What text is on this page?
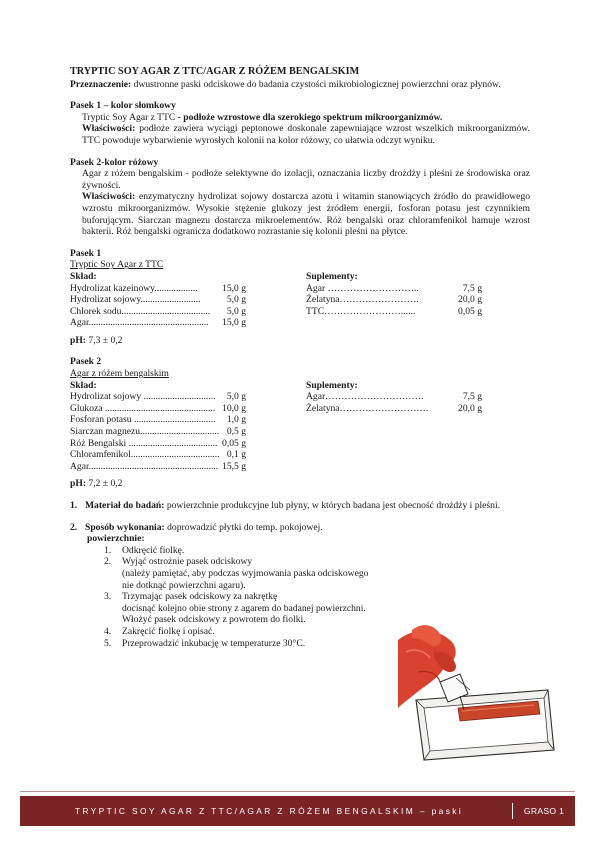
TRYPTIC SOY AGAR Z TTC/AGAR Z RÓŻEM BENGALSKIM

Przeznaczenie: dwustronne paski odciskowe do badania czystości mikrobiologicznej powierzchni oraz płynów.

Pasek 1 – kolor słomkowy

Tryptic Soy Agar z TTC - podłoże wzrostowe dla szerokiego spektrum mikroorganizmów.

Właściwości: podłoże zawiera wyciągi peptonowe doskonale zapewniające wzrost wszelkich mikroorganizmów. TTC powoduje wybarwienie wyrosłych kolonii na kolor różowy, co ułatwia odczyt wyniku.

Pasek 2-kolor różowy

Agar z różem bengalskim - podłoże selektywne do izolacji, oznaczania liczby drożdży i pleśni ze środowiska oraz żywności.

Właściwości: enzymatyczny hydrolizat sojowy dostarcza azotu i witamin stanowiących źródło do prawidłowego wzrostu mikroorganizmów. Wysokie stężenie glukozy jest źródłem energii, fosforan potasu jest czynnikiem buforującym. Siarczan magnezu dostarcza mikroelementów. Róż bengalski oraz chloramfenikol hamuje wzrost bakterii. Róż bengalski ogranicza dodatkowo rozrastanie się kolonii pleśni na płytce.

Pasek 1

Tryptic Soy Agar z TTC

Skład:

Hydrolizat kazeinowy..................	15,0 g
Hydrolizat sojowy.........................	5,0 g
Chlorek sodu..................................... 5,0 g
Agar.................................................. 15,0 g

Suplementy:

Agar ………………………..	7,5 g
Żelatyna…………………….	20,0 g
TTC……………………......	0,05 g

pH: 7,3 ± 0,2

Pasek 2

Agar z różem bengalskim

Skład:

Hydrolizat sojowy .............................. 5,0 g
Glukoza .............................................. 10,0 g
Fosforan potasu .................................. 1,0 g
Siarczan magnezu................................. 0,5 g
Róż Bengalski ..................................... 0,05 g
Chloramfenikol..................................... 0,1 g
Agar...................................................... 15,5 g

Suplementy:

Agar………………………….	7,5 g
Żelatyna……………………….	20,0 g

pH: 7,2 ± 0,2

1. Materiał do badań: powierzchnie produkcyjne lub płyny, w których badana jest obecność drożdży i pleśni.

2. Sposób wykonania: doprowadzić płytki do temp. pokojowej.

powierzchnie:

1.	Odkręcić fiolkę.

2.	Wyjąć ostrożnie pasek odciskowy

(należy pamiętać, aby podczas wyjmowania paska odciskowego

nie dotknąć powierzchni agaru).

3.	Trzymając pasek odciskowy za nakrętkę

docisnąć kolejno obie strony z agarem do badanej powierzchni.

Włożyć pasek odciskowy z powrotem do fiolki.

4.	Zakręcić fiolkę i opisać.

5.	Przeprowadzić inkubację w temperaturze 30°C.

TRYPTIC SOY AGAR Z TTC/AGAR Z RÓŻEM BENGALSKIM – paski	GRASO 1
